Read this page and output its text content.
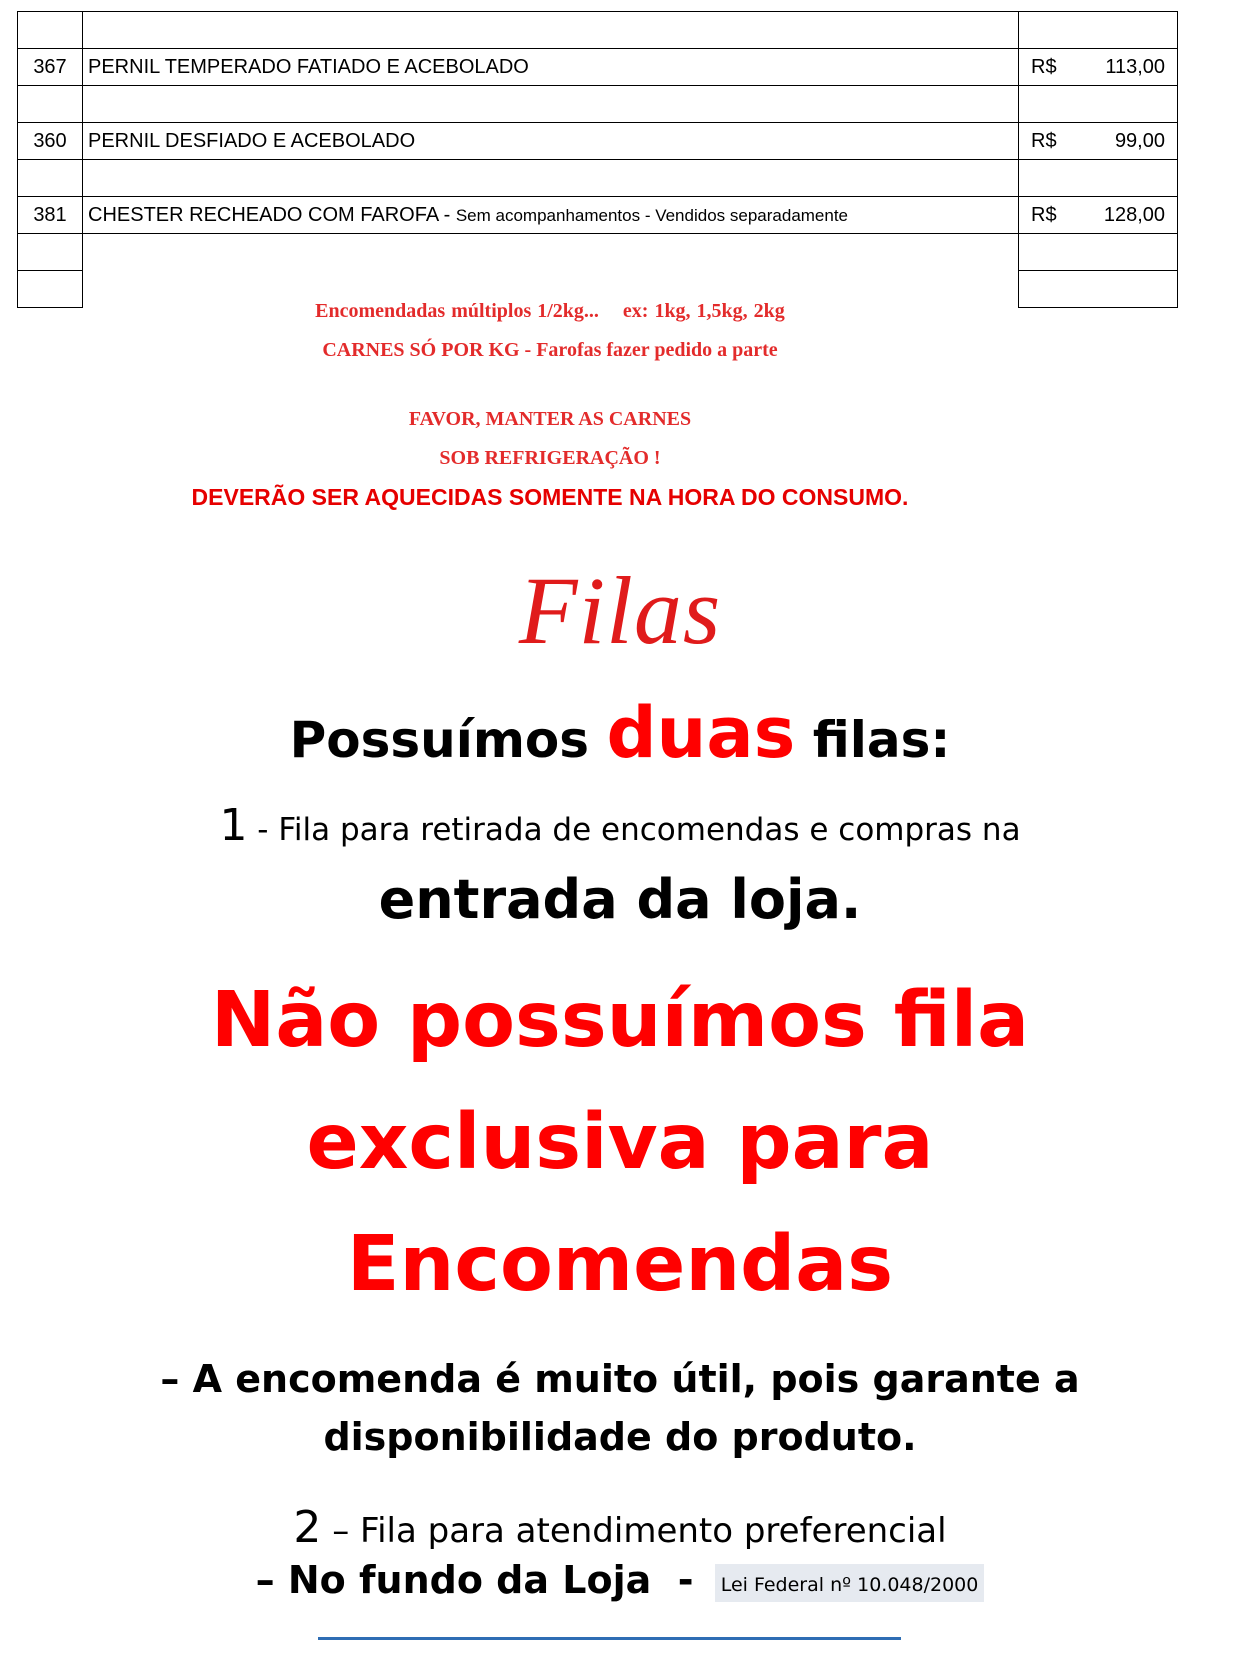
367	PERNIL TEMPERADO FATIADO E ACEBOLADO	R$ 113,00

360	PERNIL DESFIADO E ACEBOLADO	R$ 99,00

381	CHESTER RECHEADO COM FAROFA - Sem acompanhamentos - Vendidos separadamente	R$ 128,00

Encomendadas múltiplos 1/2kg...    ex: 1kg, 1,5kg, 2kg
CARNES SÓ POR KG - Farofas fazer pedido a parte
FAVOR, MANTER AS CARNES
SOB REFRIGERAÇÃO !
DEVERÃO SER AQUECIDAS SOMENTE NA HORA DO CONSUMO.
Filas
Possuímos duas filas:
1 - Fila para retirada de encomendas e compras na
entrada da loja.
Não possuímos fila
exclusiva para
Encomendas
– A encomenda é muito útil, pois garante a
disponibilidade do produto.
2 – Fila para atendimento preferencial
– No fundo da Loja  - Lei Federal nº 10.048/2000
